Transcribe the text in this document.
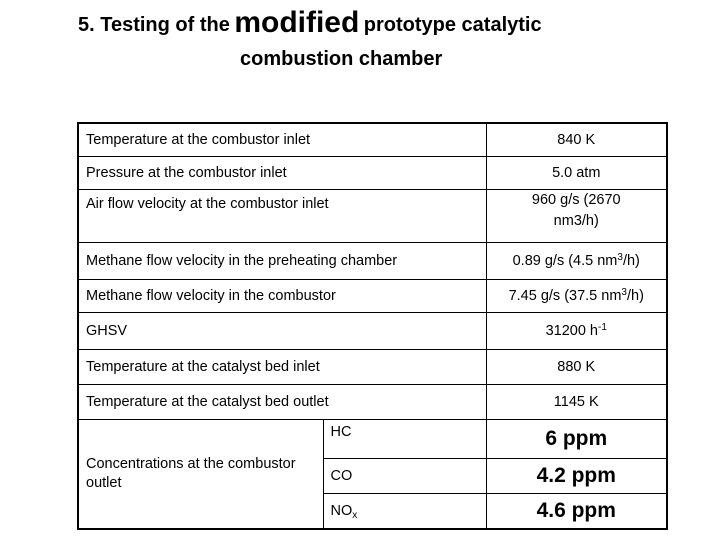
5. Testing of the modified prototype catalytic
combustion chamber
Temperature at the combustor inlet		840 K
Pressure at the combustor inlet		5.0 atm
Air flow velocity at the combustor inlet		960 g/s (2670
nm3/h)
Methane flow velocity in the preheating chamber		0.89 g/s (4.5 $nm^3/h$)
Methane flow velocity in the combustor		7.45 g/s (37.5 $nm^3/h$)
GHSV		31200 $h^{-1}$
Temperature at the catalyst bed inlet		880 K
Temperature at the catalyst bed outlet		1145 K
Concentrations at the combustor outlet	HC	6 ppm
	CO	4.2 ppm
	$NO_x$	4.6 ppm
